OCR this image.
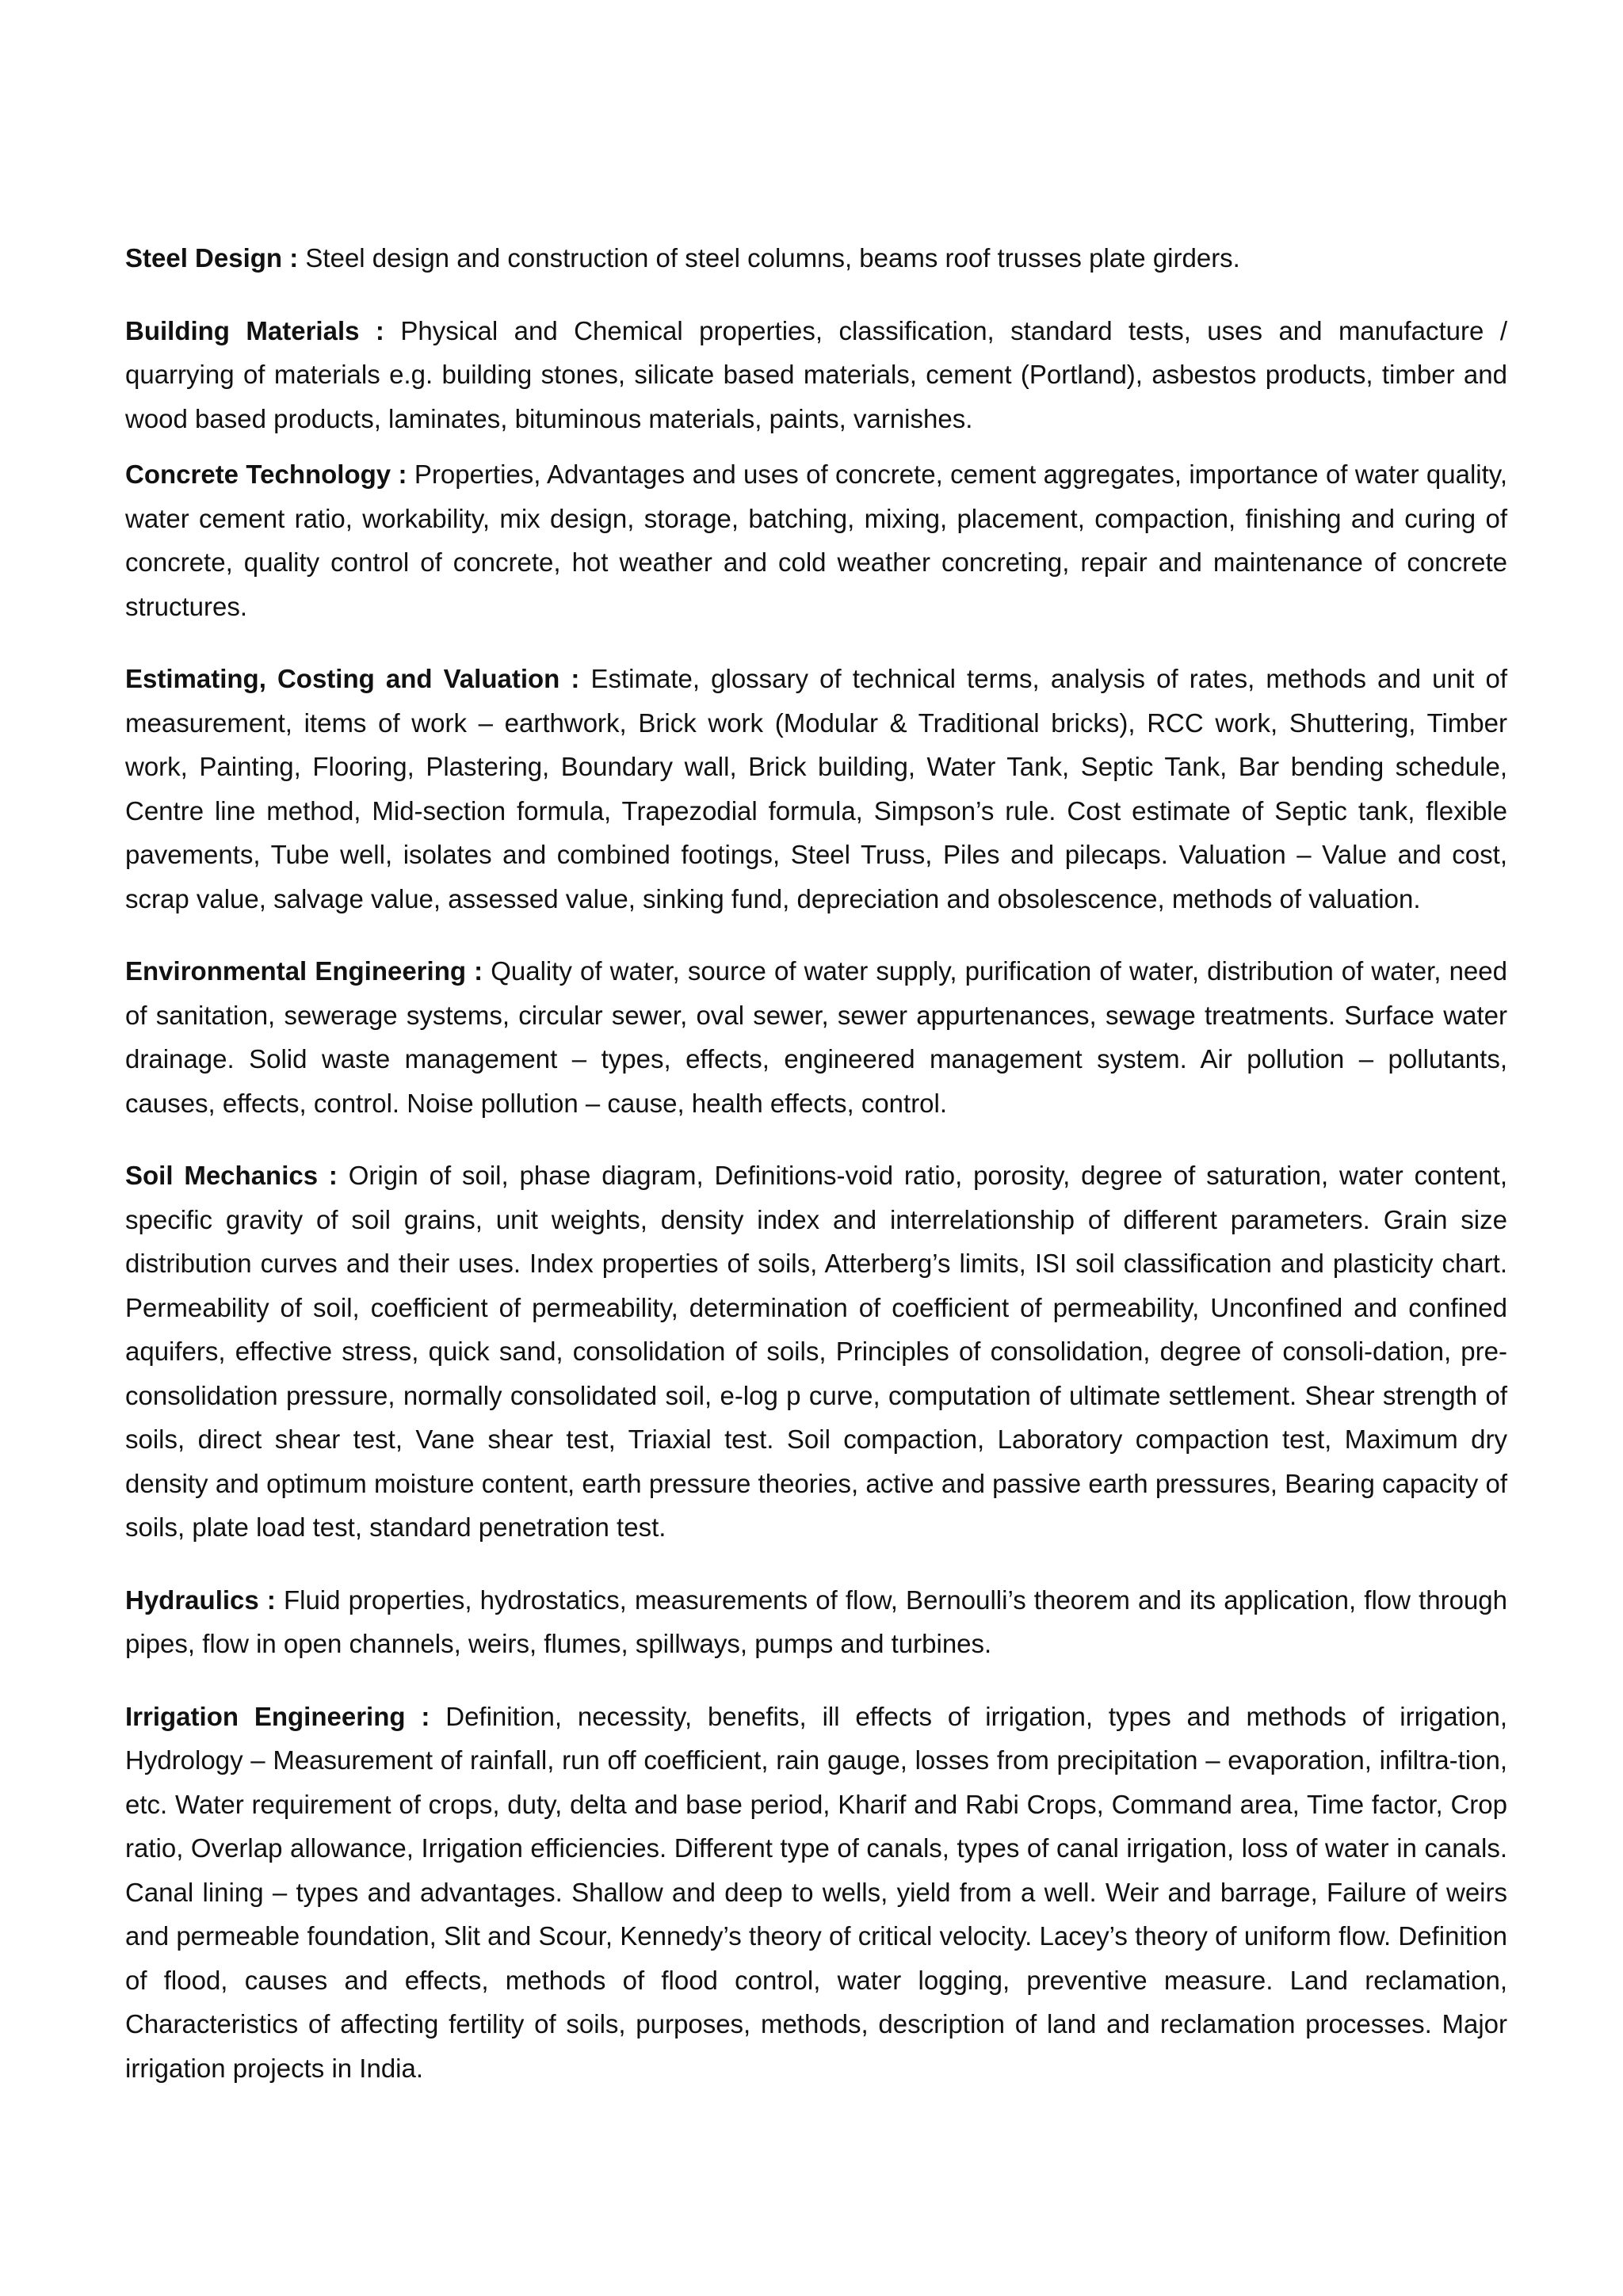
Steel Design : Steel design and construction of steel columns, beams roof trusses plate girders.

Building Materials : Physical and Chemical properties, classification, standard tests, uses and manufacture / quarrying of materials e.g. building stones, silicate based materials, cement (Portland), asbestos products, timber and wood based products, laminates, bituminous materials, paints, varnishes.

Concrete Technology : Properties, Advantages and uses of concrete, cement aggregates, importance of water quality, water cement ratio, workability, mix design, storage, batching, mixing, placement, compaction, finishing and curing of concrete, quality control of concrete, hot weather and cold weather concreting, repair and maintenance of concrete structures.

Estimating, Costing and Valuation : Estimate, glossary of technical terms, analysis of rates, methods and unit of measurement, items of work – earthwork, Brick work (Modular & Traditional bricks), RCC work, Shuttering, Timber work, Painting, Flooring, Plastering, Boundary wall, Brick building, Water Tank, Septic Tank, Bar bending schedule, Centre line method, Mid-section formula, Trapezodial formula, Simpson’s rule. Cost estimate of Septic tank, flexible pavements, Tube well, isolates and combined footings, Steel Truss, Piles and pilecaps. Valuation – Value and cost, scrap value, salvage value, assessed value, sinking fund, depreciation and obsolescence, methods of valuation.

Environmental Engineering : Quality of water, source of water supply, purification of water, distribution of water, need of sanitation, sewerage systems, circular sewer, oval sewer, sewer appurtenances, sewage treatments. Surface water drainage. Solid waste management – types, effects, engineered management system. Air pollution – pollutants, causes, effects, control. Noise pollution – cause, health effects, control.

Soil Mechanics : Origin of soil, phase diagram, Definitions-void ratio, porosity, degree of saturation, water content, specific gravity of soil grains, unit weights, density index and interrelationship of different parameters. Grain size distribution curves and their uses. Index properties of soils, Atterberg’s limits, ISI soil classification and plasticity chart. Permeability of soil, coefficient of permeability, determination of coefficient of permeability, Unconfined and confined aquifers, effective stress, quick sand, consolidation of soils, Principles of consolidation, degree of consoli-dation, pre-consolidation pressure, normally consolidated soil, e-log p curve, computation of ultimate settlement. Shear strength of soils, direct shear test, Vane shear test, Triaxial test. Soil compaction, Laboratory compaction test, Maximum dry density and optimum moisture content, earth pressure theories, active and passive earth pressures, Bearing capacity of soils, plate load test, standard penetration test.

Hydraulics : Fluid properties, hydrostatics, measurements of flow, Bernoulli’s theorem and its application, flow through pipes, flow in open channels, weirs, flumes, spillways, pumps and turbines.

Irrigation Engineering : Definition, necessity, benefits, ill effects of irrigation, types and methods of irrigation, Hydrology – Measurement of rainfall, run off coefficient, rain gauge, losses from precipitation – evaporation, infiltra-tion, etc. Water requirement of crops, duty, delta and base period, Kharif and Rabi Crops, Command area, Time factor, Crop ratio, Overlap allowance, Irrigation efficiencies. Different type of canals, types of canal irrigation, loss of water in canals. Canal lining – types and advantages. Shallow and deep to wells, yield from a well. Weir and barrage, Failure of weirs and permeable foundation, Slit and Scour, Kennedy’s theory of critical velocity. Lacey’s theory of uniform flow. Definition of flood, causes and effects, methods of flood control, water logging, preventive measure. Land reclamation, Characteristics of affecting fertility of soils, purposes, methods, description of land and reclamation processes. Major irrigation projects in India.
